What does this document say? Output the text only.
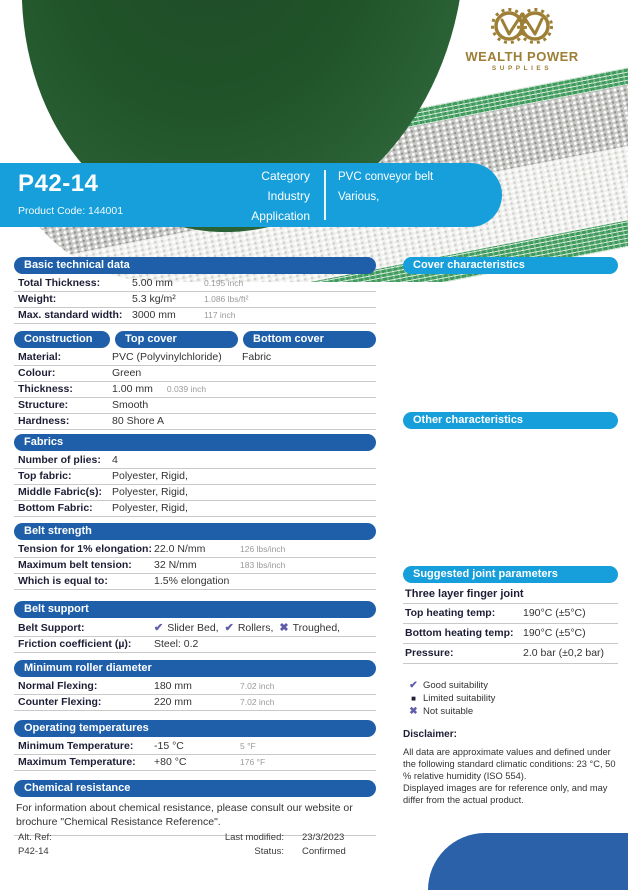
WEALTH POWER
SUPPLIES
P42-14
Product Code: 144001
Category
Industry
Application
PVC conveyor belt
Various,
Basic technical data
Total Thickness:	5.00 mm	0.195 inch
Weight:	5.3 kg/m²	1.086 lbs/ft²
Max. standard width: 3000 mm	117 inch
Construction	Top cover	Bottom cover
Material:	PVC (Polyvinylchloride)	Fabric
Colour:	Green
Thickness:	1.00 mm 0.039 inch
Structure:	Smooth
Hardness:	80 Shore A
Fabrics
Number of plies:	4
Top fabric:	Polyester, Rigid,
Middle Fabric(s): Polyester, Rigid,
Bottom Fabric:	Polyester, Rigid,
Belt strength
Tension for 1% elongation: 22.0 N/mm	126 lbs/inch
Maximum belt tension:	32 N/mm	183 lbs/inch
Which is equal to:	1.5% elongation
Belt support
Belt Support:	✔ Slider Bed, ✔ Rollers, ✖ Troughed,
Friction coefficient (µ):	Steel: 0.2
Minimum roller diameter
Normal Flexing:	180 mm	7.02 inch
Counter Flexing:	220 mm	7.02 inch
Operating temperatures
Minimum Temperature:	-15 °C	5 °F
Maximum Temperature:	+80 °C	176 °F
Chemical resistance
For information about chemical resistance, please consult our website or brochure "Chemical Resistance Reference".
Cover characteristics
Other characteristics
Suggested joint parameters
Three layer finger joint
Top heating temp:	190°C (±5°C)
Bottom heating temp: 190°C (±5°C)
Pressure:	2.0 bar (±0,2 bar)
✔ Good suitability
■ Limited suitability
✖ Not suitable
Disclaimer:
All data are approximate values and defined under the following standard climatic conditions: 23 °C, 50 % relative humidity (ISO 554).
Displayed images are for reference only, and may differ from the actual product.
Alt. Ref:
P42-14
Last modified: 23/3/2023
Status: Confirmed
